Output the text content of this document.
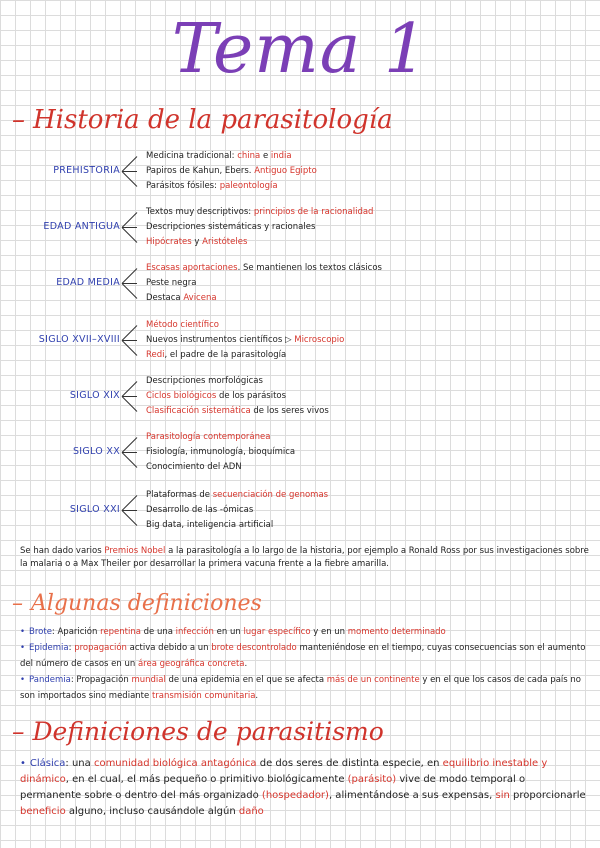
Tema 1
– Historia de la parasitología
PREHISTORIA
Medicina tradicional: china e india
Papiros de Kahun, Ebers. Antiguo Egipto
Parásitos fósiles: paleontología
EDAD ANTIGUA
Textos muy descriptivos: principios de la racionalidad
Descripciones sistemáticas y racionales
Hipócrates y Aristóteles
EDAD MEDIA
Escasas aportaciones. Se mantienen los textos clásicos
Peste negra
Destaca Avicena
SIGLO XVII–XVIII
Método científico
Nuevos instrumentos científicos ▷ Microscopio
Redi, el padre de la parasitología
SIGLO XIX
Descripciones morfológicas
Ciclos biológicos de los parásitos
Clasificación sistemática de los seres vivos
SIGLO XX
Parasitología contemporánea
Fisiología, inmunología, bioquímica
Conocimiento del ADN
SIGLO XXI
Plataformas de secuenciación de genomas
Desarrollo de las -ómicas
Big data, inteligencia artificial
Se han dado varios Premios Nobel a la parasitología a lo largo de la historia, por ejemplo a Ronald Ross por sus investigaciones sobre la malaria o a Max Theiler por desarrollar la primera vacuna frente a la fiebre amarilla.
– Algunas definiciones
• Brote: Aparición repentina de una infección en un lugar específico y en un momento determinado
• Epidemia: propagación activa debido a un brote descontrolado manteniéndose en el tiempo, cuyas consecuencias son el aumento del número de casos en un área geográfica concreta.
• Pandemia: Propagación mundial de una epidemia en el que se afecta más de un continente y en el que los casos de cada país no son importados sino mediante transmisión comunitaria.
– Definiciones de parasitismo
• Clásica: una comunidad biológica antagónica de dos seres de distinta especie, en equilibrio inestable y dinámico, en el cual, el más pequeño o primitivo biológicamente (parásito) vive de modo temporal o permanente sobre o dentro del más organizado (hospedador), alimentándose a sus expensas, sin proporcionarle beneficio alguno, incluso causándole algún daño
